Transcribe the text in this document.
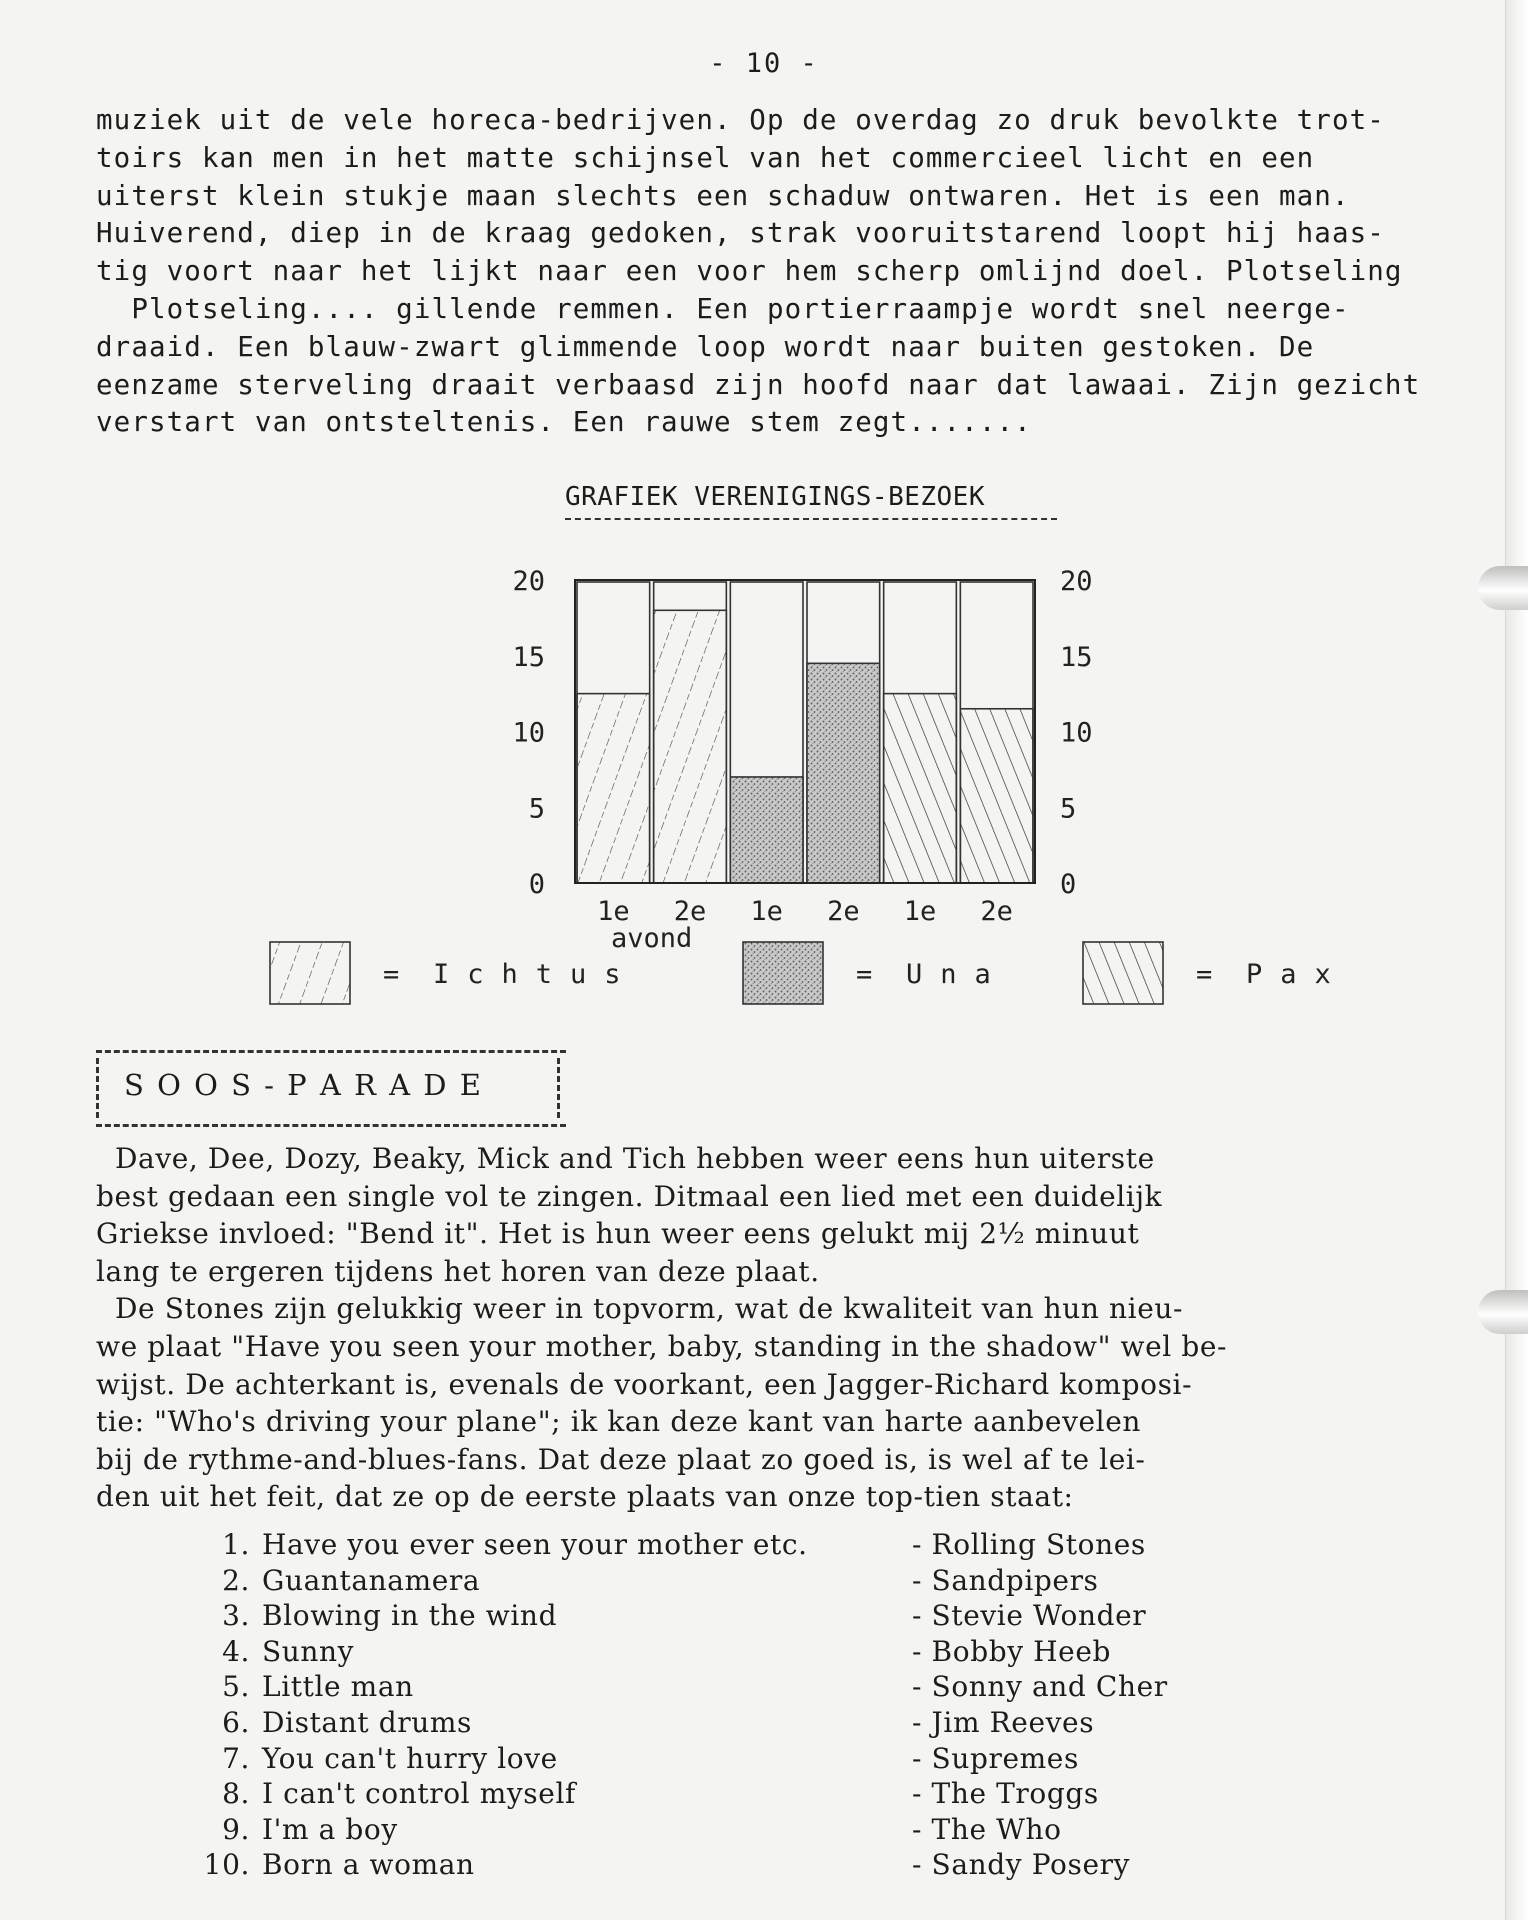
- 10 -
muziek uit de vele horeca-bedrijven. Op de overdag zo druk bevolkte trot-
toirs kan men in het matte schijnsel van het commercieel licht en een
uiterst klein stukje maan slechts een schaduw ontwaren. Het is een man.
Huiverend, diep in de kraag gedoken, strak vooruitstarend loopt hij haas-
tig voort naar het lijkt naar een voor hem scherp omlijnd doel. Plotseling
Plotseling.... gillende remmen. Een portierraampje wordt snel neerge-
draaid. Een blauw-zwart glimmende loop wordt naar buiten gestoken. De
eenzame sterveling draait verbaasd zijn hoofd naar dat lawaai. Zijn gezicht
verstart van ontsteltenis. Een rauwe stem zegt.......
GRAFIEK VERENIGINGS-BEZOEK
20	20
15	15
10	10
5	5
0	0
1e 2e 1e 2e 1e 2e
avond
= Ichtus	= Una	= Pax
S O O S - P A R A D E
Dave, Dee, Dozy, Beaky, Mick and Tich hebben weer eens hun uiterste
best gedaan een single vol te zingen. Ditmaal een lied met een duidelijk
Griekse invloed: "Bend it". Het is hun weer eens gelukt mij 2½ minuut
lang te ergeren tijdens het horen van deze plaat.
De Stones zijn gelukkig weer in topvorm, wat de kwaliteit van hun nieu-
we plaat "Have you seen your mother, baby, standing in the shadow" wel be-
wijst. De achterkant is, evenals de voorkant, een Jagger-Richard komposi-
tie: "Who's driving your plane"; ik kan deze kant van harte aanbevelen
bij de rythme-and-blues-fans. Dat deze plaat zo goed is, is wel af te lei-
den uit het feit, dat ze op de eerste plaats van onze top-tien staat:
1. Have you ever seen your mother etc.	- Rolling Stones
2. Guantanamera	- Sandpipers
3. Blowing in the wind	- Stevie Wonder
4. Sunny	- Bobby Heeb
5. Little man	- Sonny and Cher
6. Distant drums	- Jim Reeves
7. You can't hurry love	- Supremes
8. I can't control myself	- The Troggs
9. I'm a boy	- The Who
10. Born a woman	- Sandy Posery
